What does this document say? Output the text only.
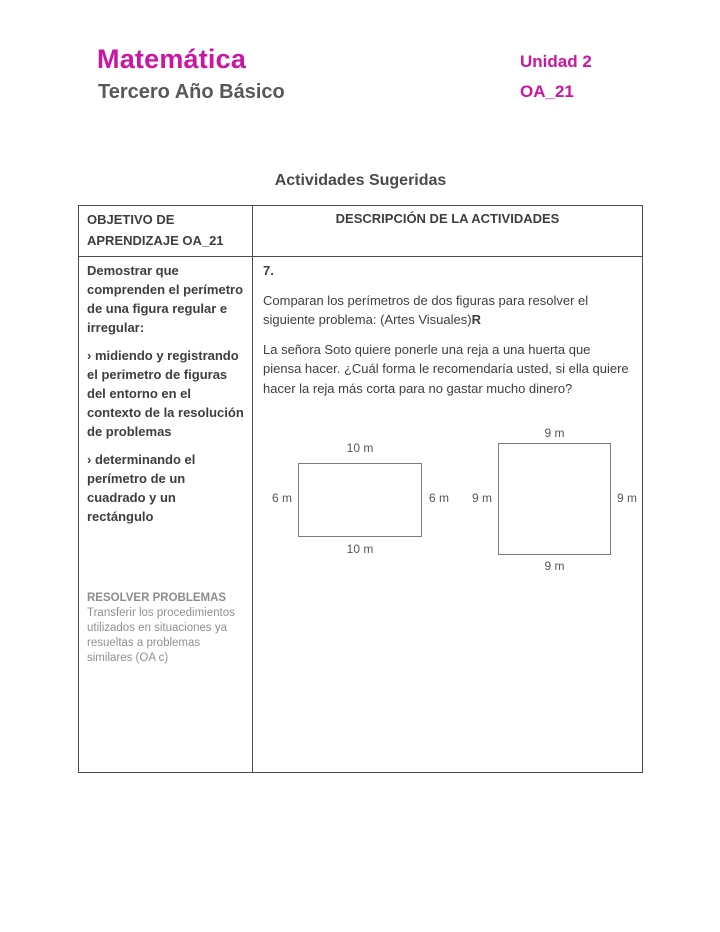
Matemática
Tercero Año Básico
Unidad 2
OA_21
Actividades Sugeridas
OBJETIVO DE APRENDIZAJE OA_21
DESCRIPCIÓN DE LA ACTIVIDADES

Demostrar que comprenden el perímetro de una figura regular e irregular:

› midiendo y registrando el perimetro de figuras del entorno en el contexto de la resolución de problemas

› determinando el perímetro de un cuadrado y un rectángulo

RESOLVER PROBLEMAS
Transferir los procedimientos utilizados en situaciones ya resueltas a problemas similares (OA c)
7.

Comparan los perímetros de dos figuras para resolver el siguiente problema: (Artes Visuales)R

La señora Soto quiere ponerle una reja a una huerta que piensa hacer. ¿Cuál forma le recomendaría usted, si ella quiere hacer la reja más corta para no gastar mucho dinero?

10 m
6 m	6 m
10 m
9 m
9 m	9 m
9 m
